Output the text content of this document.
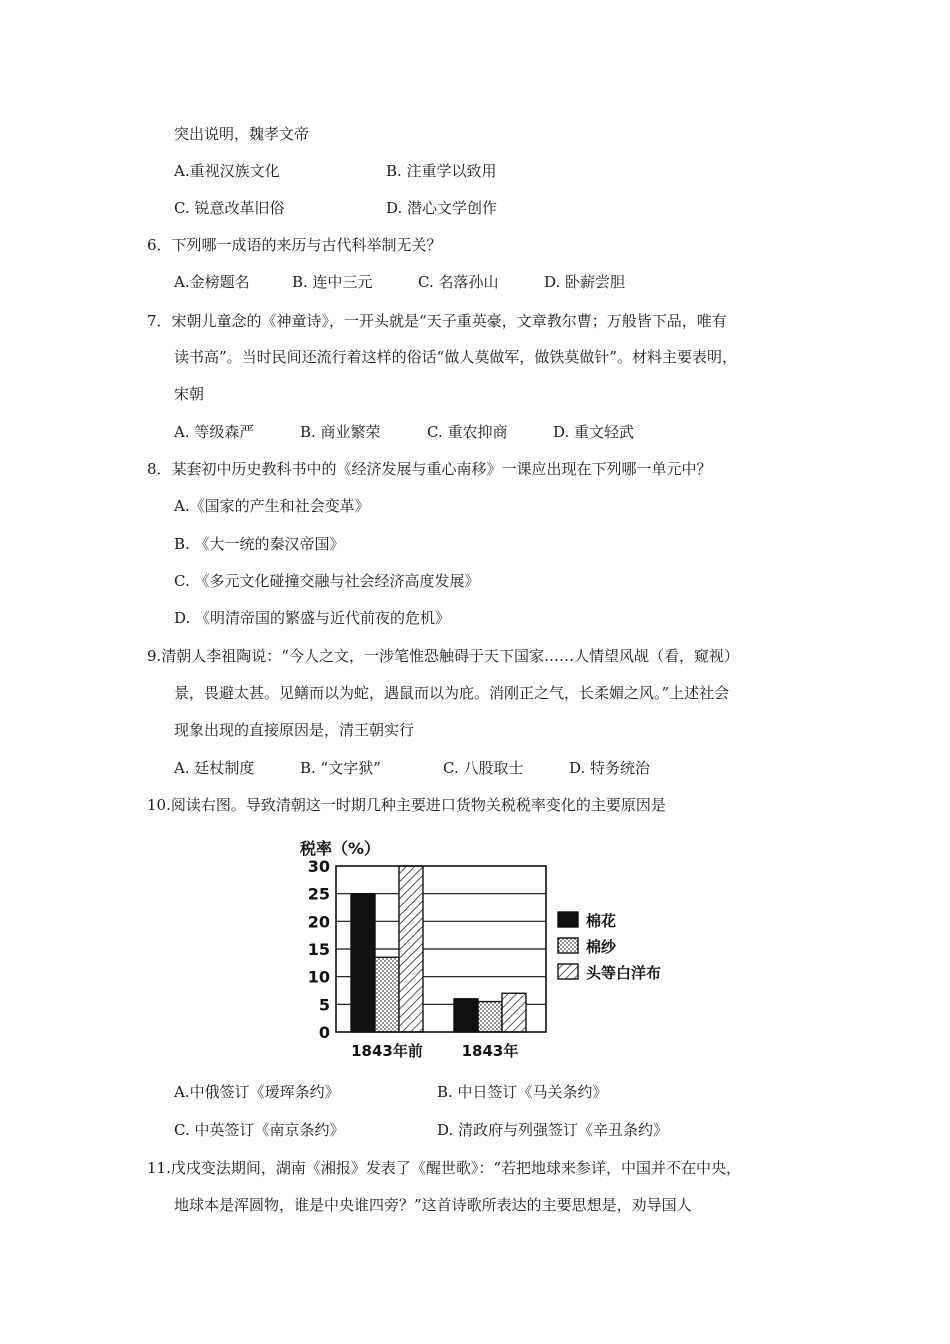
突出说明，魏孝文帝
A.重视汉族文化	B. 注重学以致用
C. 锐意改革旧俗	D. 潜心文学创作
6．下列哪一成语的来历与古代科举制无关？
A.金榜题名	B. 连中三元	C. 名落孙山	D. 卧薪尝胆
7．宋朝儿童念的《神童诗》，一开头就是“天子重英豪，文章教尔曹；万般皆下品，唯有
读书高”。当时民间还流行着这样的俗话“做人莫做军，做铁莫做针”。材料主要表明，
宋朝
A. 等级森严	B. 商业繁荣	C. 重农抑商	D. 重文轻武
8．某套初中历史教科书中的《经济发展与重心南移》一课应出现在下列哪一单元中？
A.《国家的产生和社会变革》
B. 《大一统的秦汉帝国》
C. 《多元文化碰撞交融与社会经济高度发展》
D. 《明清帝国的繁盛与近代前夜的危机》
9.清朝人李祖陶说：“今人之文，一涉笔惟恐触碍于天下国家……人情望风觇（看，窥视）
景，畏避太甚。见鳝而以为蛇，遇鼠而以为庇。消刚正之气，长柔媚之风。”上述社会
现象出现的直接原因是，清王朝实行
A. 廷杖制度	B. “文字狱”	C. 八股取士	D. 特务统治
10.阅读右图。导致清朝这一时期几种主要进口货物关税税率变化的主要原因是
税率（%）
0
5
10
15
20
25
30
1843年前	1843年
棉花
棉纱
头等白洋布
A.中俄签订《瑷珲条约》	B. 中日签订《马关条约》
C. 中英签订《南京条约》	D. 清政府与列强签订《辛丑条约》
11.戊戌变法期间，湖南《湘报》发表了《醒世歌》：“若把地球来参详，中国并不在中央，
地球本是浑圆物，谁是中央谁四旁？”这首诗歌所表达的主要思想是，劝导国人
